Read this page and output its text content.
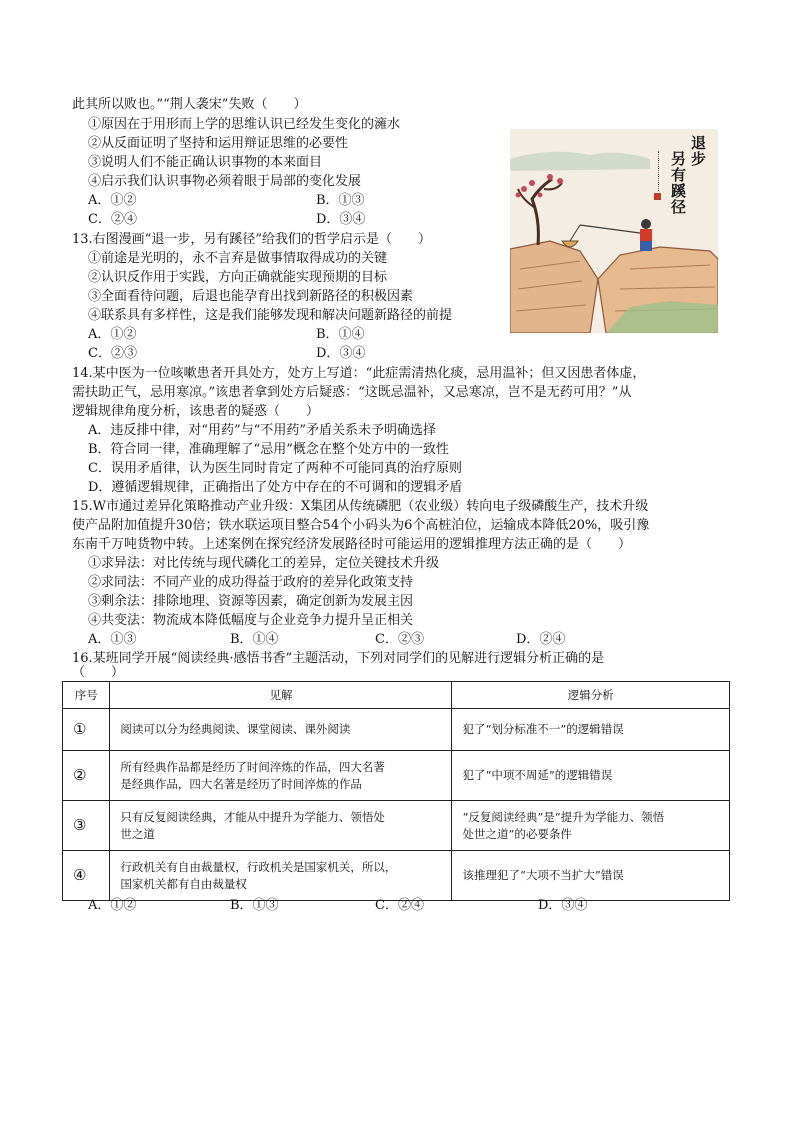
此其所以败也。”“荆人袭宋”失败（　　）
①原因在于用形而上学的思维认识已经发生变化的澭水
②从反面证明了坚持和运用辩证思维的必要性
③说明人们不能正确认识事物的本来面目
④启示我们认识事物必须着眼于局部的变化发展
A．①②	B．①③
C．②④	D．③④
13.右图漫画“退一步，另有蹊径”给我们的哲学启示是（　　）
①前途是光明的，永不言弃是做事情取得成功的关键
②认识反作用于实践，方向正确就能实现预期的目标
③全面看待问题，后退也能孕育出找到新路径的积极因素
④联系具有多样性，这是我们能够发现和解决问题新路径的前提
A．①②	B．①④
C．②③	D．③④
退步
另有蹊径
14.某中医为一位咳嗽患者开具处方，处方上写道：“此症需清热化痰，忌用温补；但又因患者体虚，
需扶助正气，忌用寒凉。”该患者拿到处方后疑惑：“这既忌温补，又忌寒凉，岂不是无药可用？”从
逻辑规律角度分析，该患者的疑惑（　　）
A．违反排中律，对“用药”与“不用药”矛盾关系未予明确选择
B．符合同一律，准确理解了“忌用”概念在整个处方中的一致性
C．误用矛盾律，认为医生同时肯定了两种不可能同真的治疗原则
D．遵循逻辑规律，正确指出了处方中存在的不可调和的逻辑矛盾
15.W市通过差异化策略推动产业升级：X集团从传统磷肥（农业级）转向电子级磷酸生产，技术升级
使产品附加值提升30倍；铁水联运项目整合54个小码头为6个高桩泊位，运输成本降低20%，吸引豫
东南千万吨货物中转。上述案例在探究经济发展路径时可能运用的逻辑推理方法正确的是（　　）
①求异法：对比传统与现代磷化工的差异，定位关键技术升级
②求同法：不同产业的成功得益于政府的差异化政策支持
③剩余法：排除地理、资源等因素，确定创新为发展主因
④共变法：物流成本降低幅度与企业竞争力提升呈正相关
A．①③	B．①④	C．②③	D．②④
16.某班同学开展“阅读经典·感悟书香”主题活动，下列对同学们的见解进行逻辑分析正确的是
（　　）
序号	见解	逻辑分析
①	阅读可以分为经典阅读、课堂阅读、课外阅读	犯了“划分标准不一”的逻辑错误
②	所有经典作品都是经历了时间淬炼的作品，四大名著
是经典作品，四大名著是经历了时间淬炼的作品	犯了“中项不周延”的逻辑错误
③	只有反复阅读经典，才能从中提升为学能力、领悟处
世之道	“反复阅读经典”是“提升为学能力、领悟
处世之道”的必要条件
④	行政机关有自由裁量权，行政机关是国家机关，所以，
国家机关都有自由裁量权	该推理犯了“大项不当扩大”错误
A．①②	B．①③	C．②④	D．③④
